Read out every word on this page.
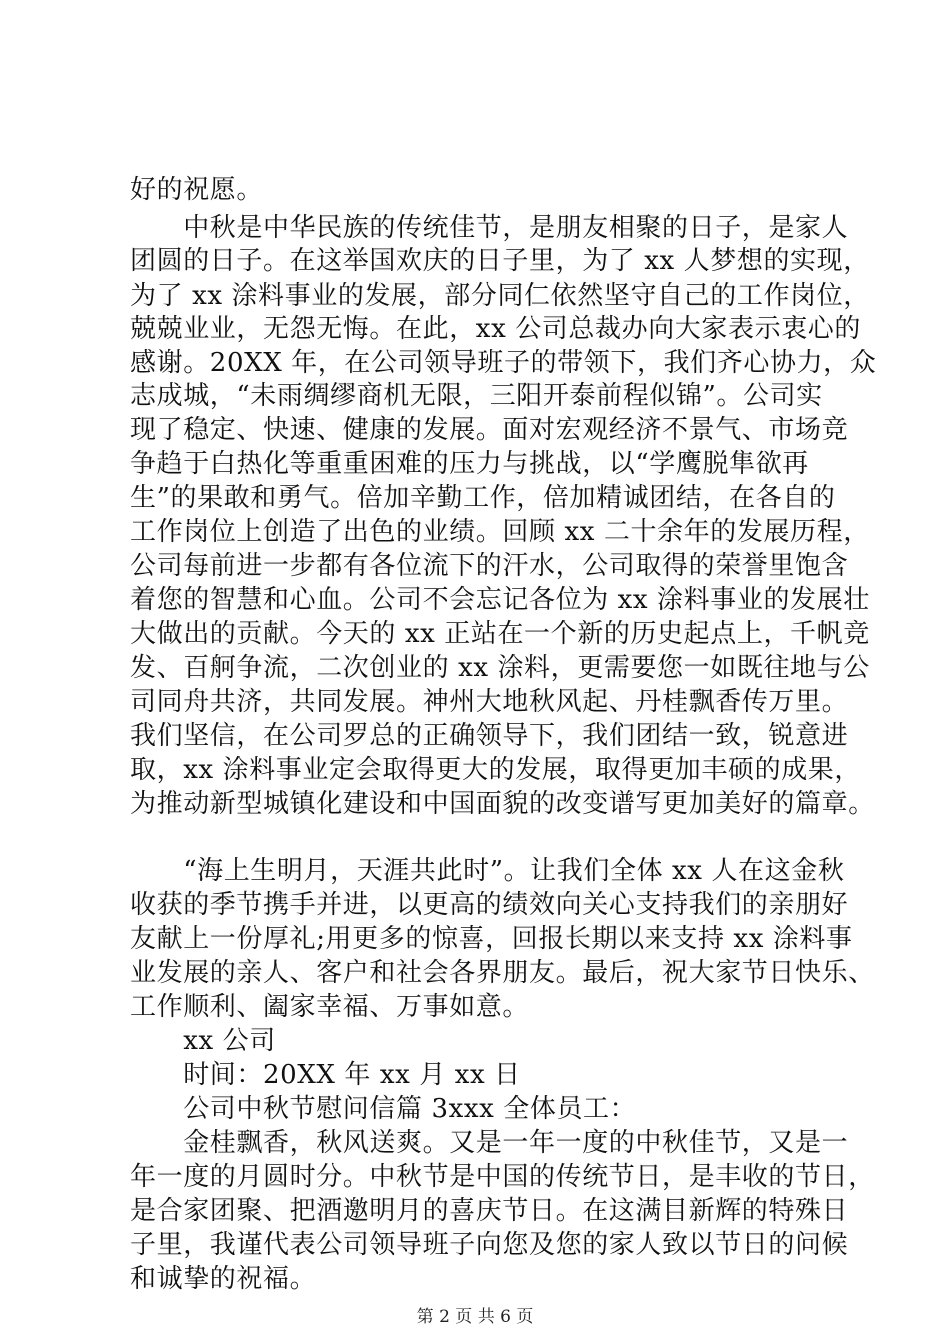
好的祝愿。
　　中秋是中华民族的传统佳节，是朋友相聚的日子，是家人
团圆的日子。在这举国欢庆的日子里，为了 xx 人梦想的实现，
为了 xx 涂料事业的发展，部分同仁依然坚守自己的工作岗位，
兢兢业业，无怨无悔。在此，xx 公司总裁办向大家表示衷心的
感谢。20XX 年，在公司领导班子的带领下，我们齐心协力，众
志成城，“未雨绸缪商机无限，三阳开泰前程似锦”。公司实
现了稳定、快速、健康的发展。面对宏观经济不景气、市场竞
争趋于白热化等重重困难的压力与挑战，以“学鹰脱隼欲再
生”的果敢和勇气。倍加辛勤工作，倍加精诚团结，在各自的
工作岗位上创造了出色的业绩。回顾 xx 二十余年的发展历程，
公司每前进一步都有各位流下的汗水，公司取得的荣誉里饱含
着您的智慧和心血。公司不会忘记各位为 xx 涂料事业的发展壮
大做出的贡献。今天的 xx 正站在一个新的历史起点上，千帆竞
发、百舸争流，二次创业的 xx 涂料，更需要您一如既往地与公
司同舟共济，共同发展。神州大地秋风起、丹桂飘香传万里。
我们坚信，在公司罗总的正确领导下，我们团结一致，锐意进
取，xx 涂料事业定会取得更大的发展，取得更加丰硕的成果，
为推动新型城镇化建设和中国面貌的改变谱写更加美好的篇章。
　　“海上生明月，天涯共此时”。让我们全体 xx 人在这金秋
收获的季节携手并进，以更高的绩效向关心支持我们的亲朋好
友献上一份厚礼;用更多的惊喜，回报长期以来支持 xx 涂料事
业发展的亲人、客户和社会各界朋友。最后，祝大家节日快乐、
工作顺利、阖家幸福、万事如意。
　　xx 公司
　　时间：20XX 年 xx 月 xx 日
　　公司中秋节慰问信篇 3xxx 全体员工：
　　金桂飘香，秋风送爽。又是一年一度的中秋佳节，又是一
年一度的月圆时分。中秋节是中国的传统节日，是丰收的节日，
是合家团聚、把酒邀明月的喜庆节日。在这满目新辉的特殊日
子里，我谨代表公司领导班子向您及您的家人致以节日的问候
和诚挚的祝福。
第 2 页 共 6 页
